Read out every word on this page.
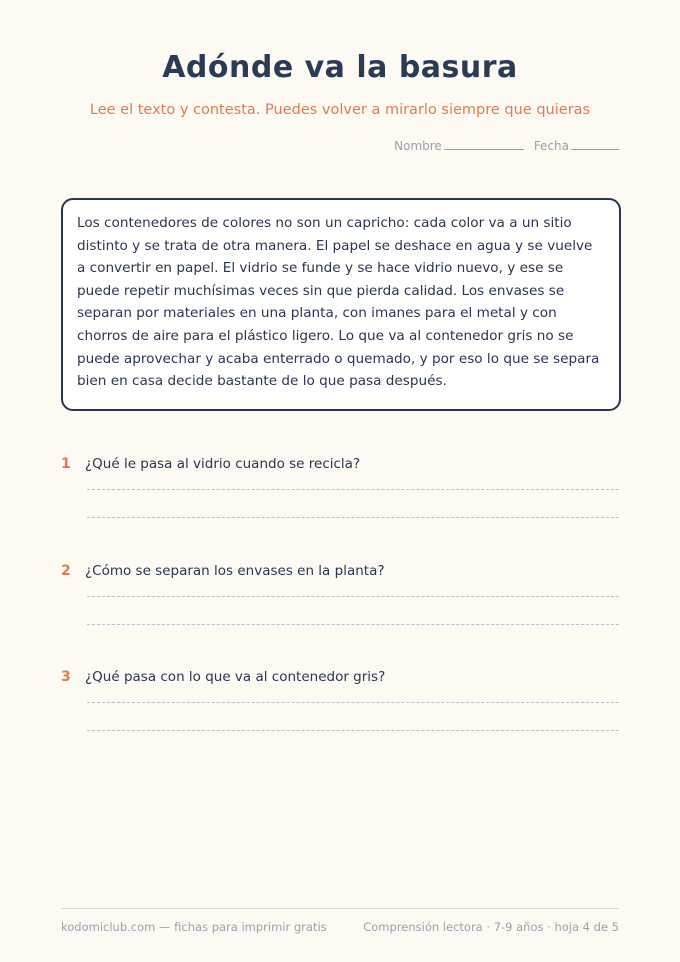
Adónde va la basura
Lee el texto y contesta. Puedes volver a mirarlo siempre que quieras
Nombre	Fecha
Los contenedores de colores no son un capricho: cada color va a un sitio distinto y se trata de otra manera. El papel se deshace en agua y se vuelve a convertir en papel. El vidrio se funde y se hace vidrio nuevo, y ese se puede repetir muchísimas veces sin que pierda calidad. Los envases se separan por materiales en una planta, con imanes para el metal y con chorros de aire para el plástico ligero. Lo que va al contenedor gris no se puede aprovechar y acaba enterrado o quemado, y por eso lo que se separa bien en casa decide bastante de lo que pasa después.
1	¿Qué le pasa al vidrio cuando se recicla?
2	¿Cómo se separan los envases en la planta?
3	¿Qué pasa con lo que va al contenedor gris?
kodomiclub.com — fichas para imprimir gratis	Comprensión lectora · 7-9 años · hoja 4 de 5
